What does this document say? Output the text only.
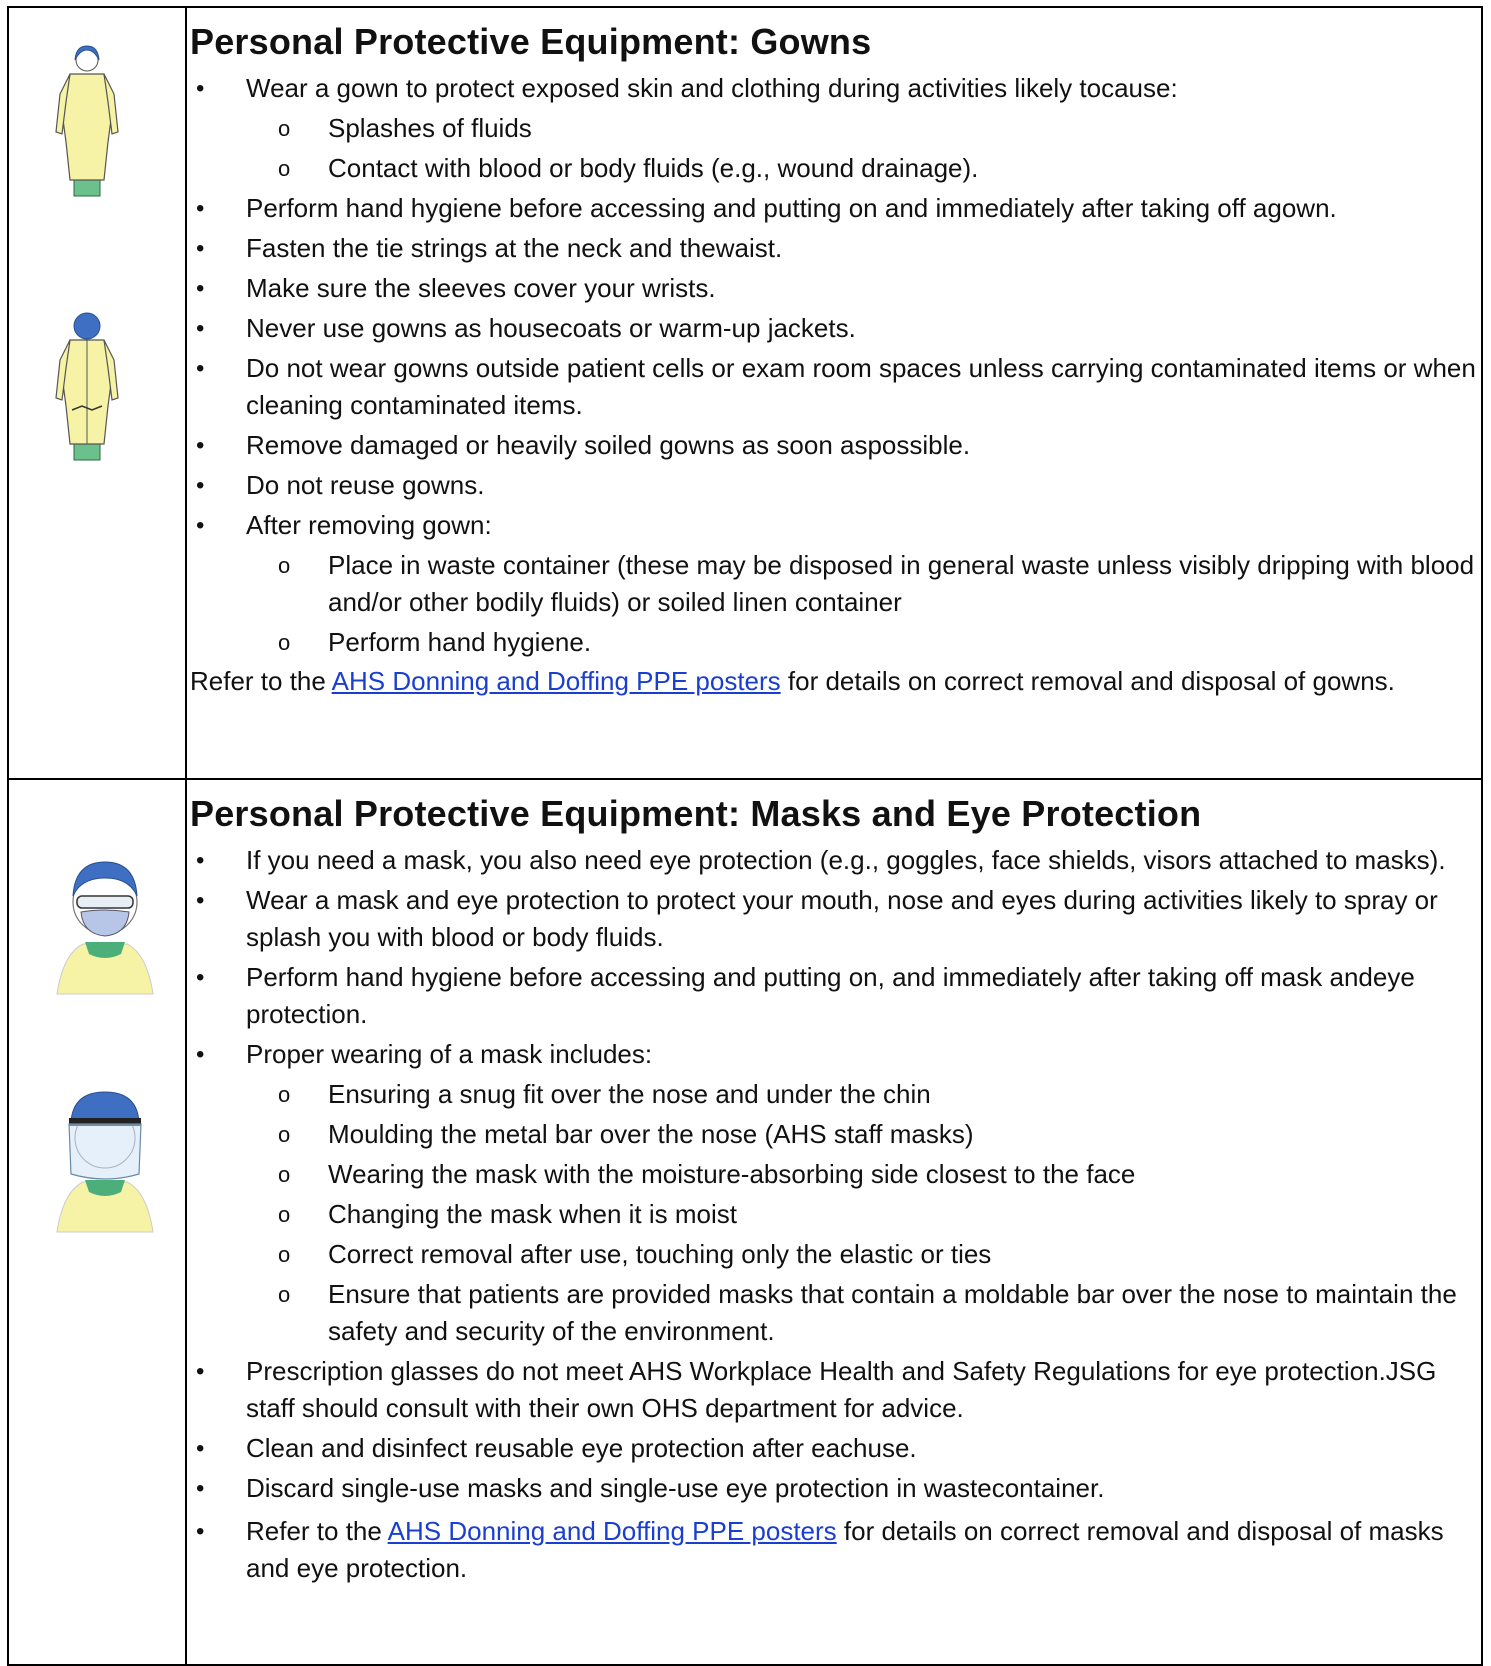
Personal Protective Equipment: Gowns
• Wear a gown to protect exposed skin and clothing during activities likely tocause:
o Splashes of fluids
o Contact with blood or body fluids (e.g., wound drainage).
• Perform hand hygiene before accessing and putting on and immediately after taking off agown.
• Fasten the tie strings at the neck and thewaist.
• Make sure the sleeves cover your wrists.
• Never use gowns as housecoats or warm-up jackets.
• Do not wear gowns outside patient cells or exam room spaces unless carrying contaminated items or when cleaning contaminated items.
• Remove damaged or heavily soiled gowns as soon aspossible.
• Do not reuse gowns.
• After removing gown:
o Place in waste container (these may be disposed in general waste unless visibly dripping with blood and/or other bodily fluids) or soiled linen container
o Perform hand hygiene.
Refer to the AHS Donning and Doffing PPE posters for details on correct removal and disposal of gowns.
Personal Protective Equipment: Masks and Eye Protection
• If you need a mask, you also need eye protection (e.g., goggles, face shields, visors attached to masks).
• Wear a mask and eye protection to protect your mouth, nose and eyes during activities likely to spray or splash you with blood or body fluids.
• Perform hand hygiene before accessing and putting on, and immediately after taking off mask andeye protection.
• Proper wearing of a mask includes:
o Ensuring a snug fit over the nose and under the chin
o Moulding the metal bar over the nose (AHS staff masks)
o Wearing the mask with the moisture-absorbing side closest to the face
o Changing the mask when it is moist
o Correct removal after use, touching only the elastic or ties
o Ensure that patients are provided masks that contain a moldable bar over the nose to maintain the safety and security of the environment.
• Prescription glasses do not meet AHS Workplace Health and Safety Regulations for eye protection.JSG staff should consult with their own OHS department for advice.
• Clean and disinfect reusable eye protection after eachuse.
• Discard single-use masks and single-use eye protection in wastecontainer.
• Refer to the AHS Donning and Doffing PPE posters for details on correct removal and disposal of masks and eye protection.
